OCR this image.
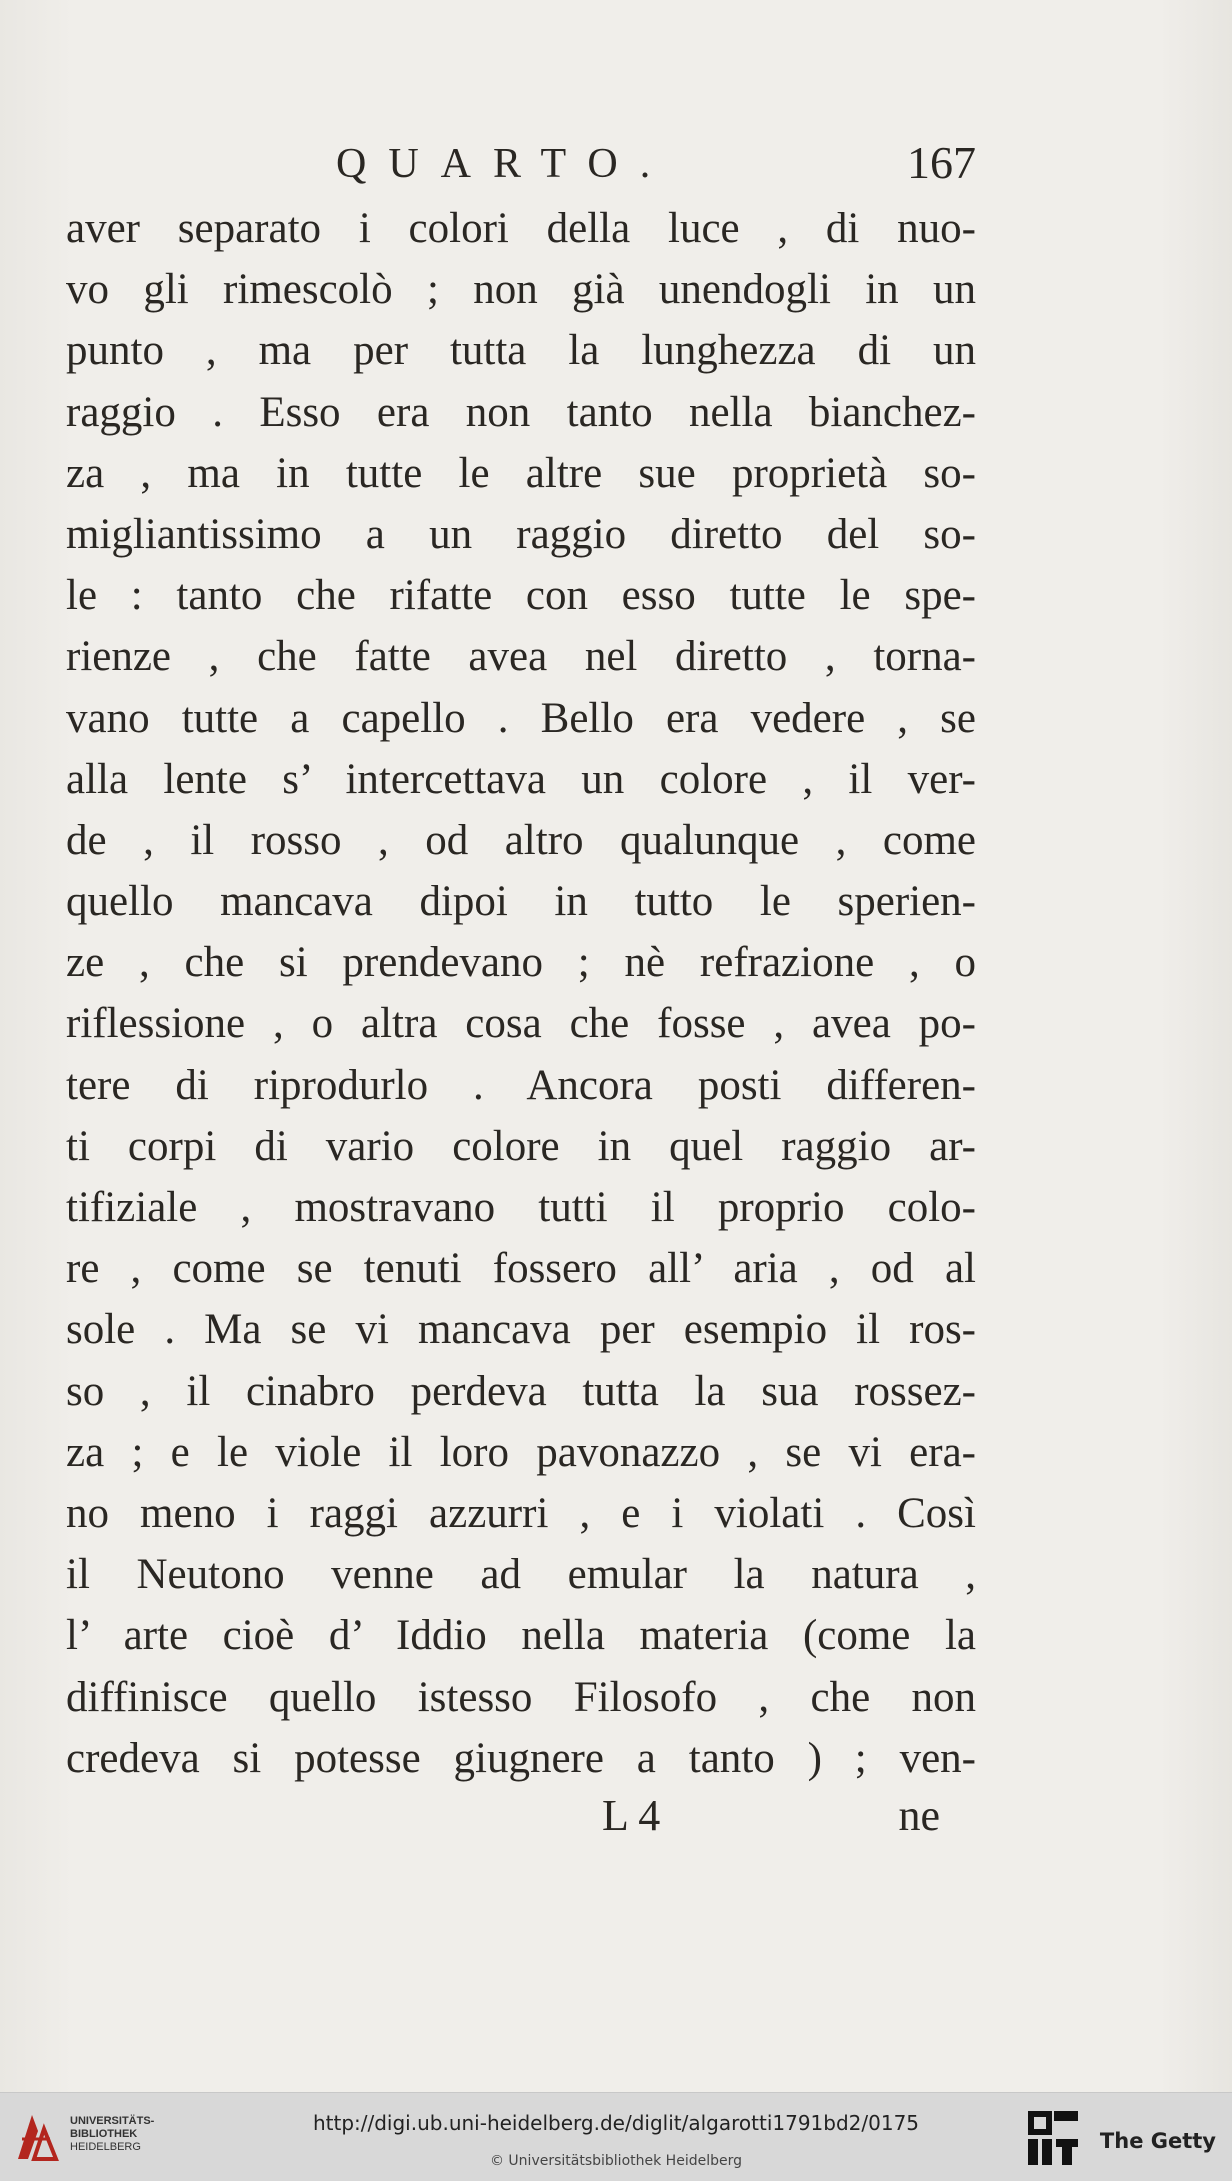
QUARTO.	167
aver separato i colori della luce , di nuo-
vo gli rimescolò ; non già unendogli in un
punto , ma per tutta la lunghezza di un
raggio . Esso era non tanto nella bianchez-
za , ma in tutte le altre sue proprietà so-
migliantissimo a un raggio diretto del so-
le : tanto che rifatte con esso tutte le spe-
rienze , che fatte avea nel diretto , torna-
vano tutte a capello . Bello era vedere , se
alla lente s’ intercettava un colore , il ver-
de , il rosso , od altro qualunque , come
quello mancava dipoi in tutto le sperien-
ze , che si prendevano ; nè refrazione , o
riflessione , o altra cosa che fosse , avea po-
tere di riprodurlo . Ancora posti differen-
ti corpi di vario colore in quel raggio ar-
tifiziale , mostravano tutti il proprio colo-
re , come se tenuti fossero all’ aria , od al
sole . Ma se vi mancava per esempio il ros-
so , il cinabro perdeva tutta la sua rossez-
za ; e le viole il loro pavonazzo , se vi era-
no meno i raggi azzurri , e i violati . Così
il Neutono venne ad emular la natura ,
l’ arte cioè d’ Iddio nella materia (come la
diffinisce quello istesso Filosofo , che non
credeva si potesse giugnere a tanto ) ; ven-
L 4	ne
UNIVERSITÄTS-
BIBLIOTHEK
HEIDELBERG
http://digi.ub.uni-heidelberg.de/diglit/algarotti1791bd2/0175
© Universitätsbibliothek Heidelberg
The Getty
